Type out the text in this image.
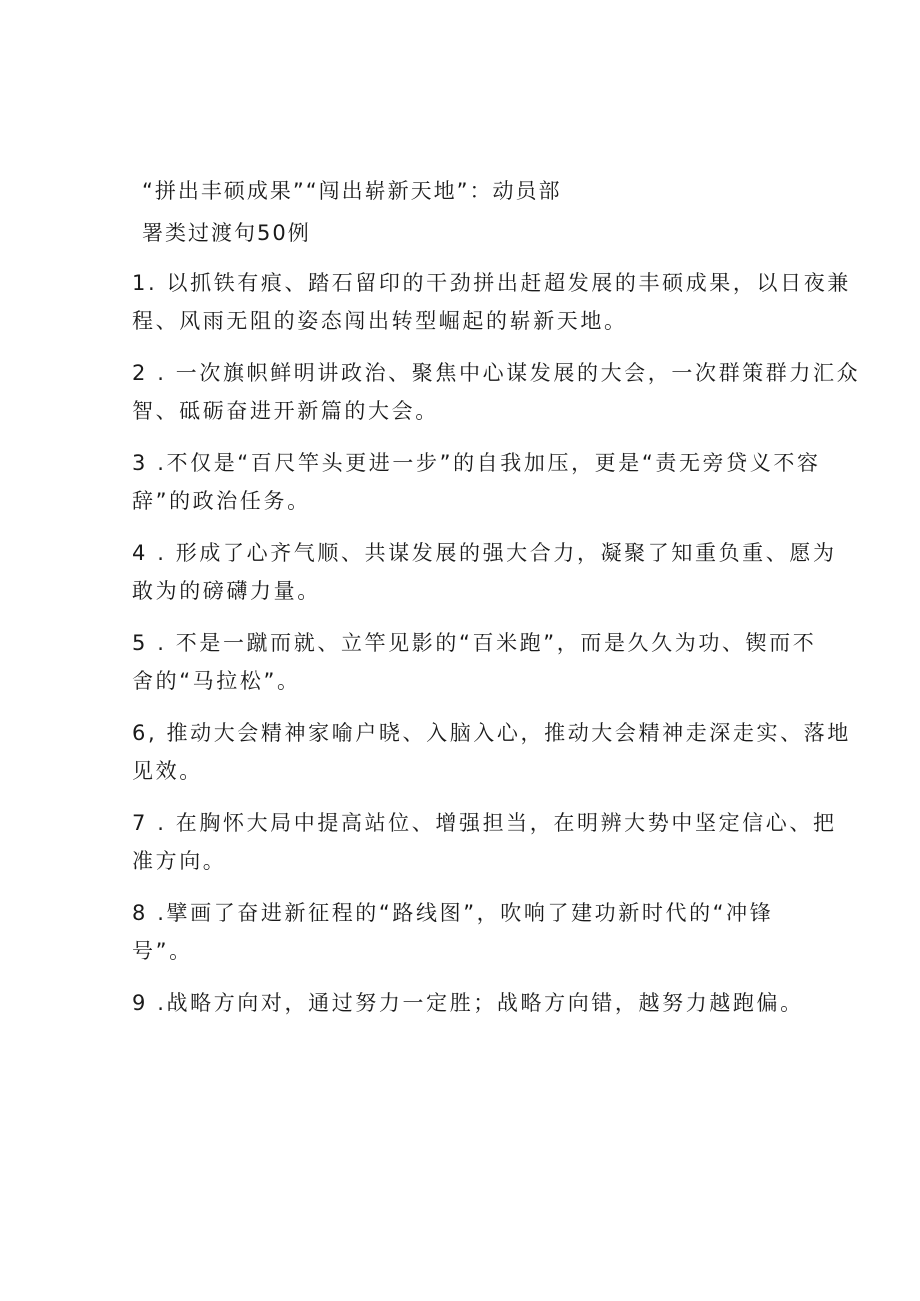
“拼出丰硕成果”“闯出崭新天地”：动员部
署类过渡句50例
1. 以抓铁有痕、踏石留印的干劲拼出赶超发展的丰硕成果，以日夜兼
程、风雨无阻的姿态闯出转型崛起的崭新天地。
2 . 一次旗帜鲜明讲政治、聚焦中心谋发展的大会，一次群策群力汇众
智、砥砺奋进开新篇的大会。
3 .不仅是“百尺竿头更进一步”的自我加压，更是“责无旁贷义不容
辞”的政治任务。
4 . 形成了心齐气顺、共谋发展的强大合力，凝聚了知重负重、愿为
敢为的磅礴力量。
5 . 不是一蹴而就、立竿见影的“百米跑”，而是久久为功、锲而不
舍的“马拉松”。
6, 推动大会精神家喻户晓、入脑入心，推动大会精神走深走实、落地
见效。
7 . 在胸怀大局中提高站位、增强担当，在明辨大势中坚定信心、把
准方向。
8 .擘画了奋进新征程的“路线图”，吹响了建功新时代的“冲锋
号”。
9 .战略方向对，通过努力一定胜；战略方向错，越努力越跑偏。
